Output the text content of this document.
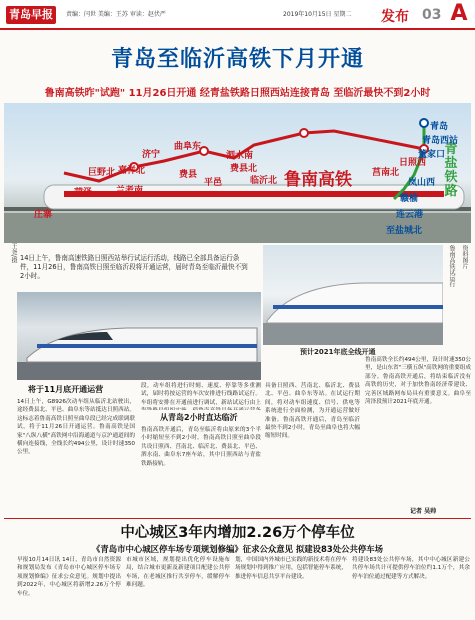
青岛早报	责编：闫世 美编：王苏 审读：赵伏严	2019年10月15日 星期二 发布 03 A
青岛至临沂高铁下月开通
鲁南高铁昨"试跑" 11月26日开通 经青盐铁路日照西站连接青岛 至临沂最快不到2小时
鲁南高铁
青盐铁路
曲阜东
济宁
嘉祥北
巨野北
菏泽
庄寨
兰考南
泗水南
费县北
平邑
费县
临沂北
日照西
莒南北
青岛
青岛西站
董家口
岚山西
赣榆
连云港
至盐城北
王尧/摄	鲁南高铁试运行	资料图片
14日上午，鲁南高速铁路日照西站举行试运行活动，线路已全部具备运行条件，11月26日，鲁南高铁日照至临沂段将开通运营，届时青岛至临沂最快不到2小时。
预计2021年底全线开通
将于11月底开通运营
14日上午，G8926次动车组从临沂北站驶出，途经费县北、平邑、曲阜东等站抵达日照西站。这标志着鲁南高铁日照至曲阜段已经完成联调联试，将于11月26日开通运营。鲁南高铁是国家"八纵八横"高铁网中沿海通道与京沪通道间的横向连接线，全线长约494公里，设计时速350公里。
段，动车组将进行时刻、速度、停靠等多重测试，届时将按运营的车次安排进行线路试运行。车组将安排在开通前进行调试，新站试运行由上
从青岛2小时直达临沂
鲁南高铁开通后，青岛至临沂将由原来的3个半小时缩短至不到2小时。鲁南高铁日照至曲阜段共设日照西、莒南北、临沂北、费县北、平邑、泗水南、曲阜东7座车站，其中日照西站与青盐铁路接轨。
具备日照西、莒南北、临沂北、费县北、平邑、曲阜东等站。在试运行期间，将对动车组速度、信号、供电等系统进行全面检测，为开通运营做好准备。鲁南高铁开通后，青岛至临沂最快不到2小时，青岛至曲阜也将大幅缩短时间。
鲁南高铁全长约494公里，设计时速350公里，是山东省"三横五纵"高铁网的重要组成部分。鲁南高铁开通后，将结束临沂没有高铁的历史，对于加快鲁南经济带建设、完善区域路网布局具有重要意义。曲阜至菏泽段预计2021年底开通。
记者 吴帅
中心城区3年内增加2.26万个停车位
《青岛市中心城区停车场专项规划修编》征求公众意见 拟建设83处公共停车场
早报10月14日讯 14日，青岛市自然资源和规划局发布《青岛市中心城区停车场专项规划修编》征求公众意见。规划中提出到2022年，中心城区将新增2.26万个停车位。
市城市区域，规划提出优化停车设施布局，结合城市更新及新建项目配建公共停车场，在老城区推行共享停车，缓解停车难问题。
划，中国国内外城市已实践的新技术将在停车场规划中得到推广应用，包括智能停车系统，推进停车信息共享平台建设。
将建设83处公共停车场，其中中心城区新建公共停车场共计可提供停车泊位约1.1万个，其余停车泊位通过配建等方式解决。
